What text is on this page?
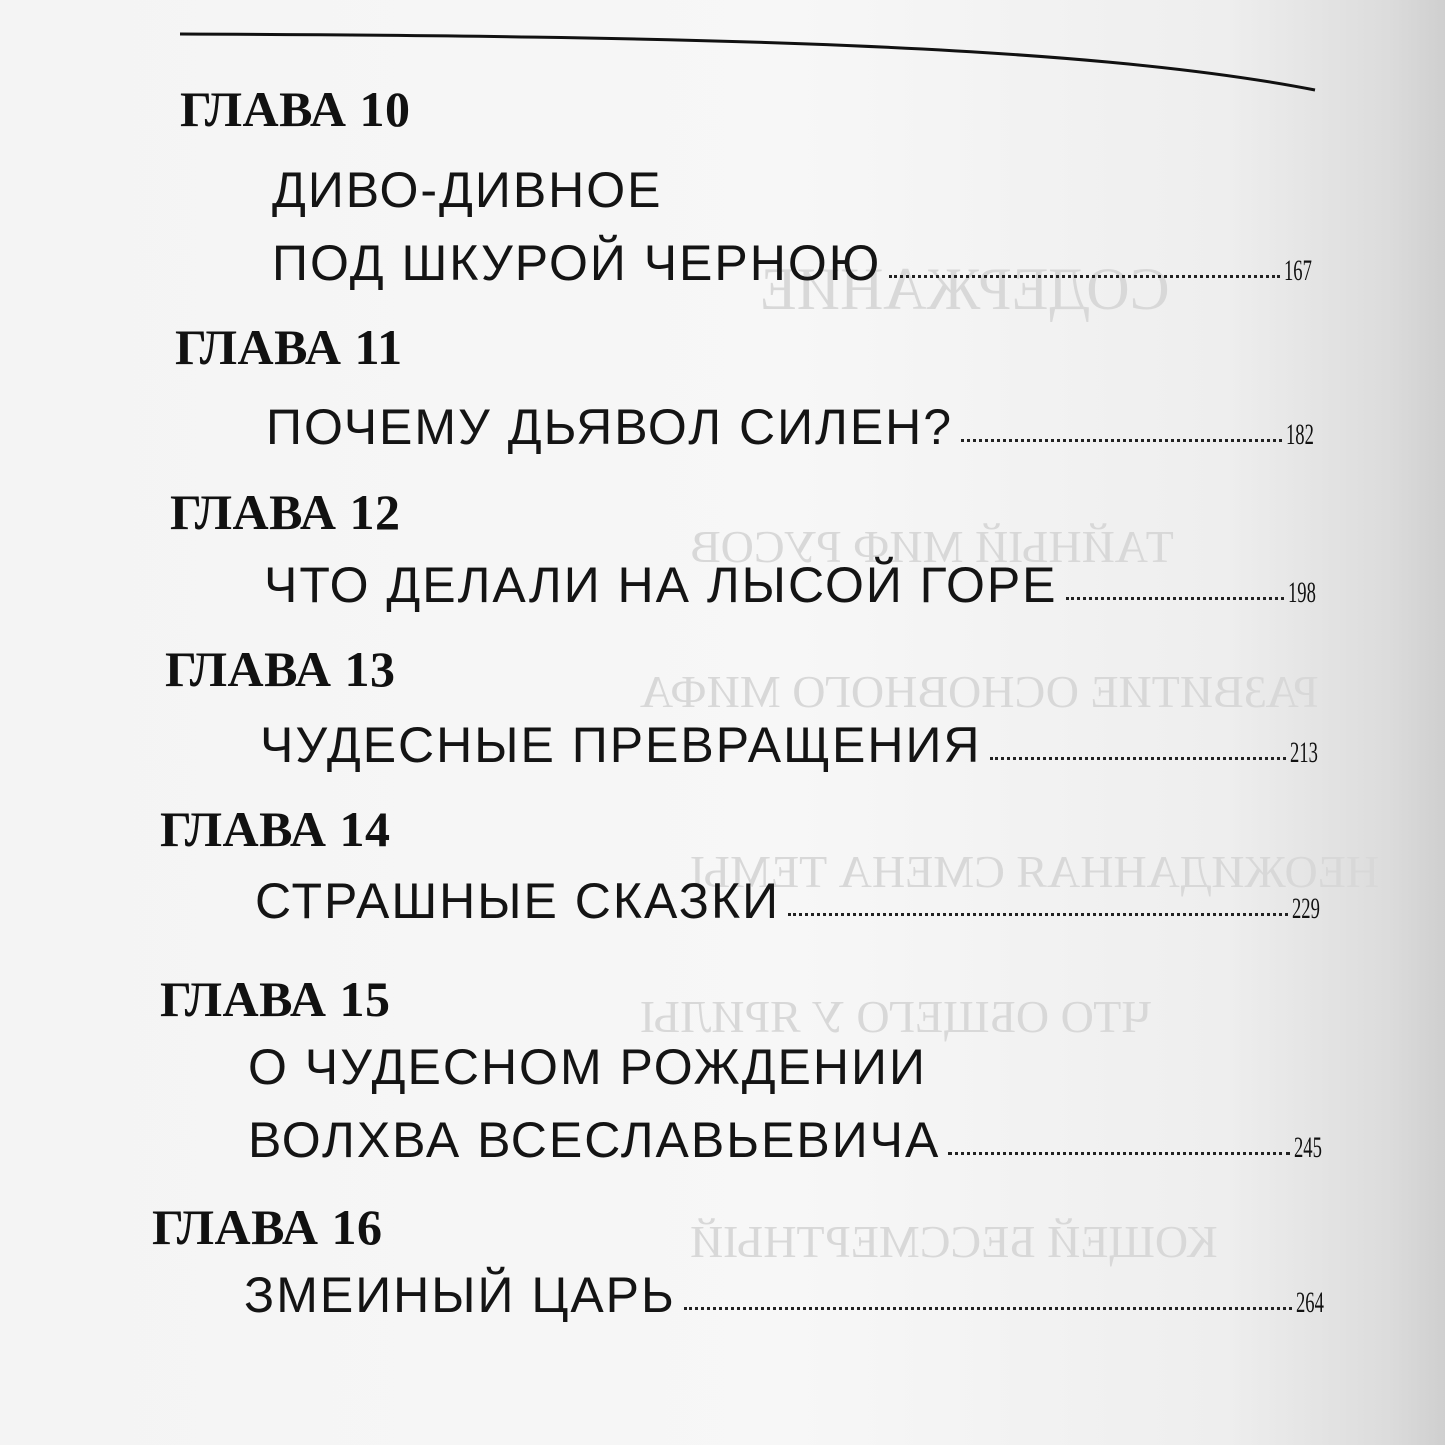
СОДЕРЖАНИЕ
ТАЙНЫЙ МИФ РУСОВ
РАЗВИТИЕ ОСНОВНОГО МИФА
НЕОЖИДАННАЯ СМЕНА ТЕМЫ
ЧТО ОБЩЕГО У ЯРИЛЫ
КОЩЕЙ БЕССМЕРТНЫЙ
ГЛАВА 10
ДИВО-ДИВНОЕ
ПОД ШКУРОЙ ЧЕРНОЮ	167
ГЛАВА 11
ПОЧЕМУ ДЬЯВОЛ СИЛЕН?	182
ГЛАВА 12
ЧТО ДЕЛАЛИ НА ЛЫСОЙ ГОРЕ	198
ГЛАВА 13
ЧУДЕСНЫЕ ПРЕВРАЩЕНИЯ	213
ГЛАВА 14
СТРАШНЫЕ СКАЗКИ	229
ГЛАВА 15
О ЧУДЕСНОМ РОЖДЕНИИ
ВОЛХВА ВСЕСЛАВЬЕВИЧА	245
ГЛАВА 16
ЗМЕИНЫЙ ЦАРЬ	264
